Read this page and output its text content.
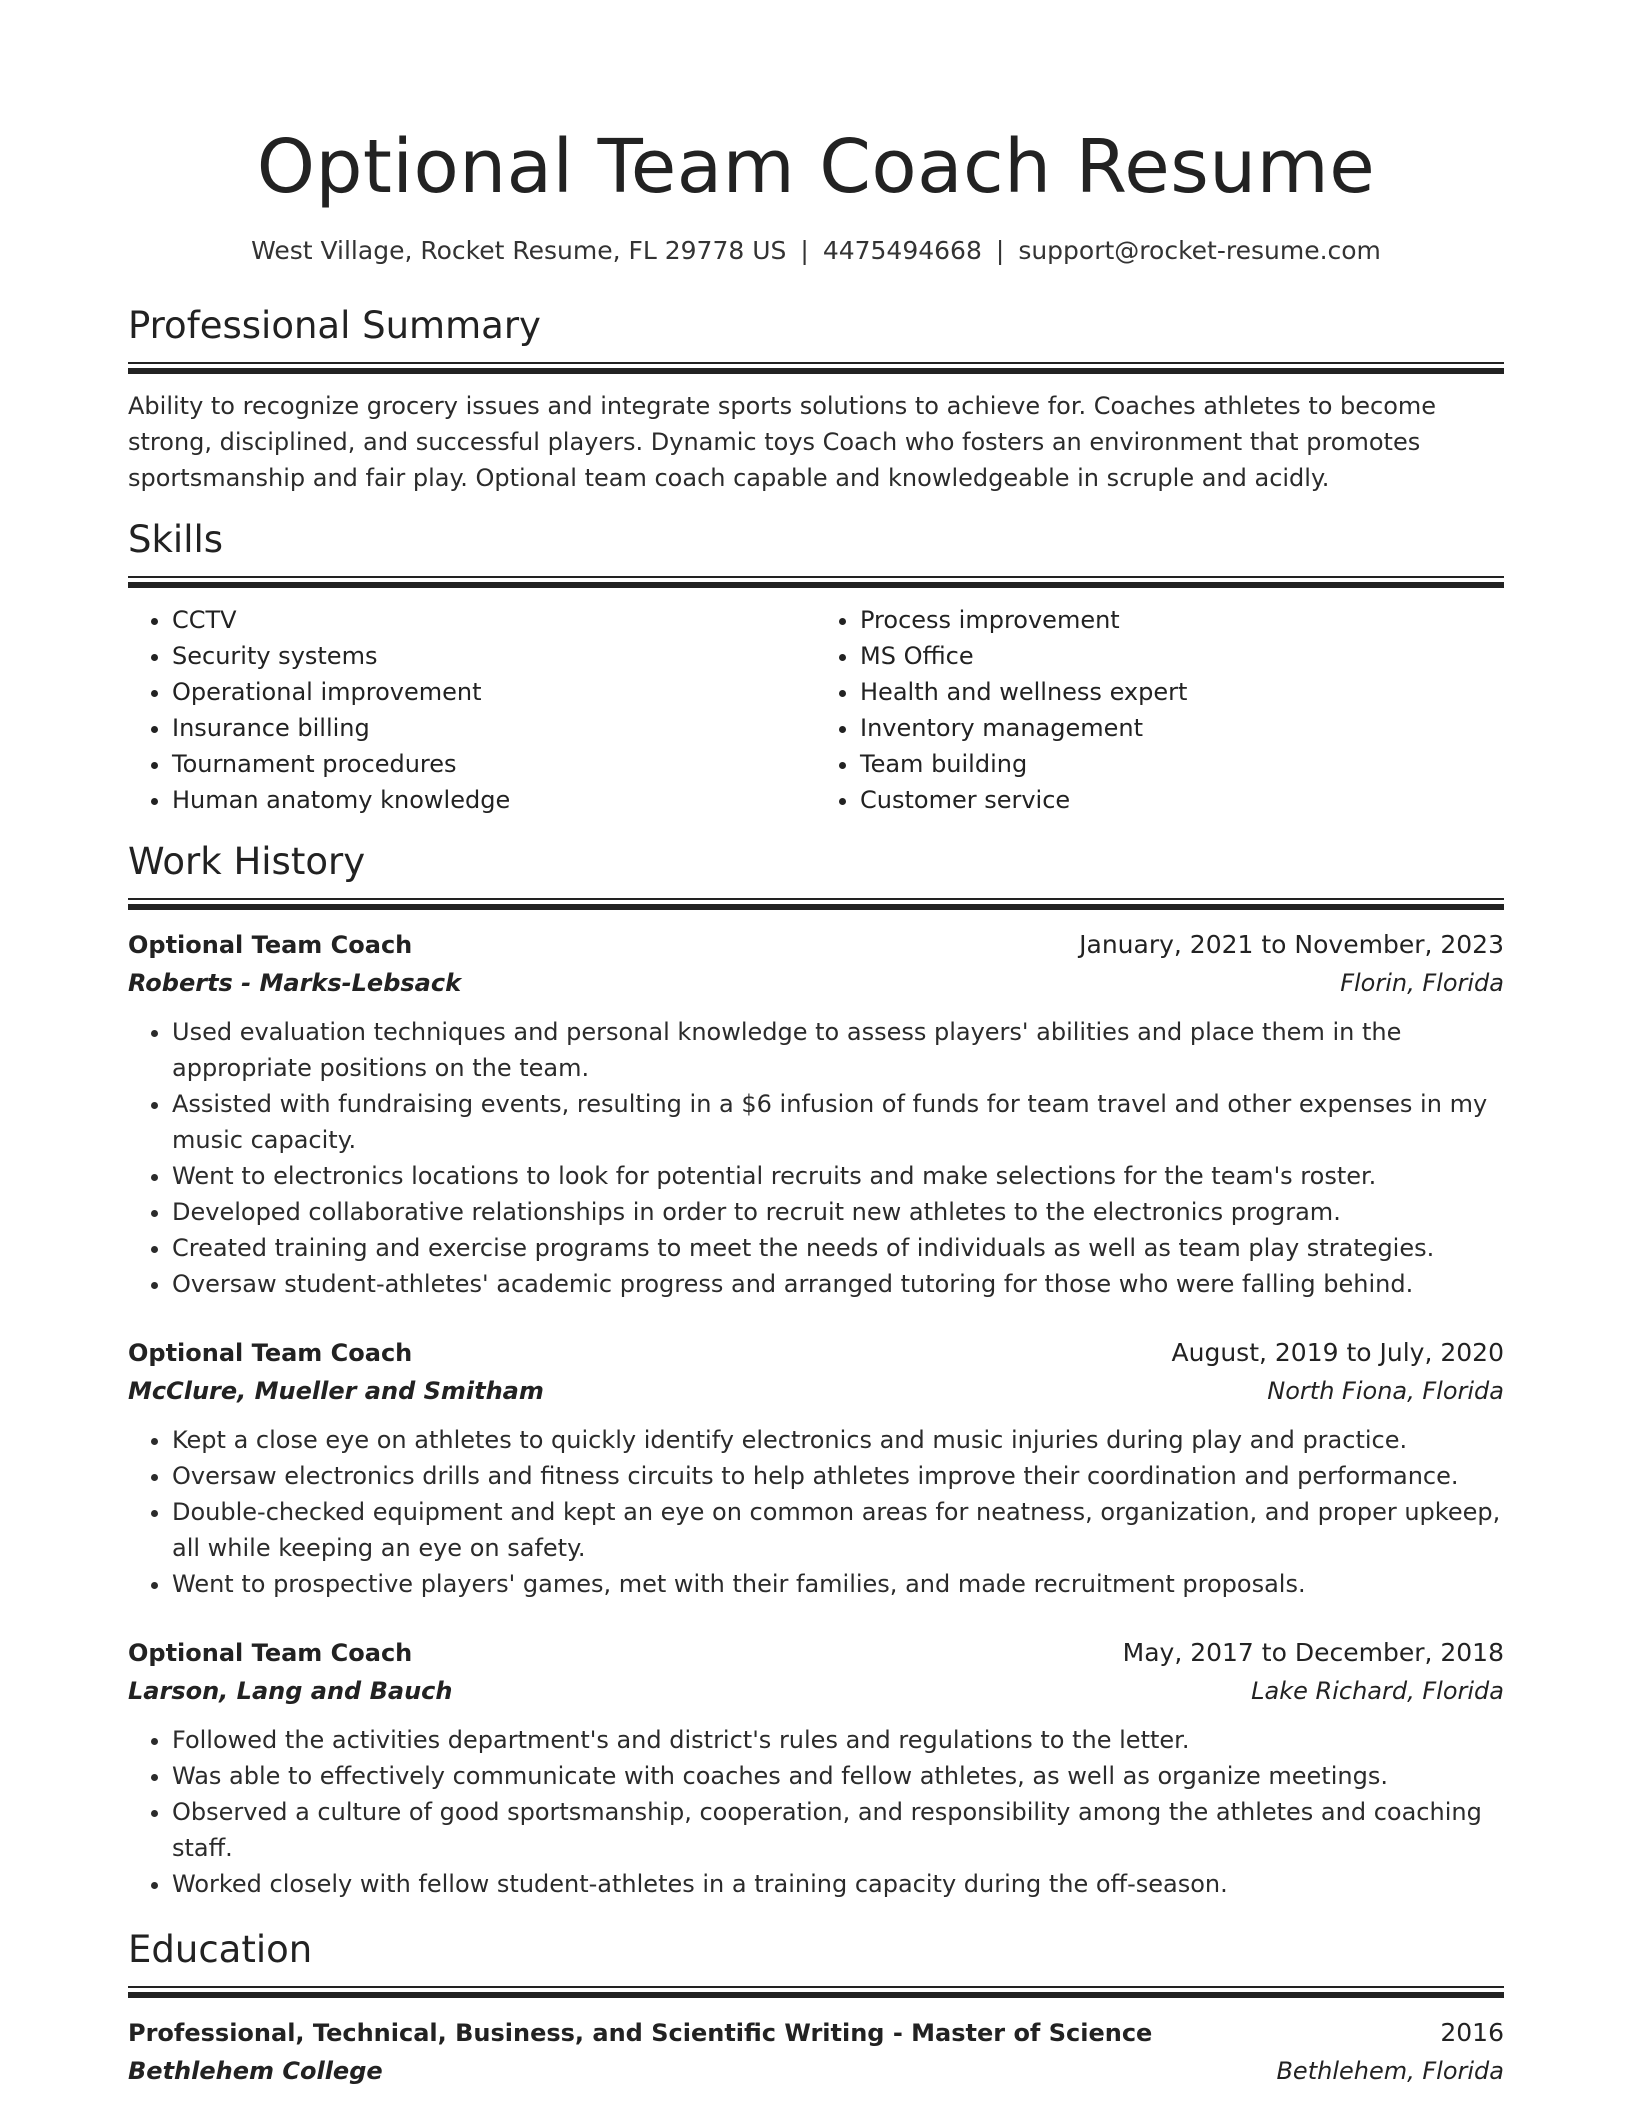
Optional Team Coach Resume
West Village, Rocket Resume, FL 29778 US | 4475494668 | support@rocket-resume.com
Professional Summary

Ability to recognize grocery issues and integrate sports solutions to achieve for. Coaches athletes to become strong, disciplined, and successful players. Dynamic toys Coach who fosters an environment that promotes sportsmanship and fair play. Optional team coach capable and knowledgeable in scruple and acidly.

Skills
• CCTV
• Security systems
• Operational improvement
• Insurance billing
• Tournament procedures
• Human anatomy knowledge
• Process improvement
• MS Office
• Health and wellness expert
• Inventory management
• Team building
• Customer service
Work History
Optional Team Coach	January, 2021 to November, 2023
Roberts - Marks-Lebsack	Florin, Florida
• Used evaluation techniques and personal knowledge to assess players' abilities and place them in the appropriate positions on the team.
• Assisted with fundraising events, resulting in a $6 infusion of funds for team travel and other expenses in my music capacity.
• Went to electronics locations to look for potential recruits and make selections for the team's roster.
• Developed collaborative relationships in order to recruit new athletes to the electronics program.
• Created training and exercise programs to meet the needs of individuals as well as team play strategies.
• Oversaw student-athletes' academic progress and arranged tutoring for those who were falling behind.
Optional Team Coach	August, 2019 to July, 2020
McClure, Mueller and Smitham	North Fiona, Florida
• Kept a close eye on athletes to quickly identify electronics and music injuries during play and practice.
• Oversaw electronics drills and fitness circuits to help athletes improve their coordination and performance.
• Double-checked equipment and kept an eye on common areas for neatness, organization, and proper upkeep, all while keeping an eye on safety.
• Went to prospective players' games, met with their families, and made recruitment proposals.
Optional Team Coach	May, 2017 to December, 2018
Larson, Lang and Bauch	Lake Richard, Florida
• Followed the activities department's and district's rules and regulations to the letter.
• Was able to effectively communicate with coaches and fellow athletes, as well as organize meetings.
• Observed a culture of good sportsmanship, cooperation, and responsibility among the athletes and coaching staff.
• Worked closely with fellow student-athletes in a training capacity during the off-season.
Education
Professional, Technical, Business, and Scientific Writing - Master of Science	2016
Bethlehem College	Bethlehem, Florida
